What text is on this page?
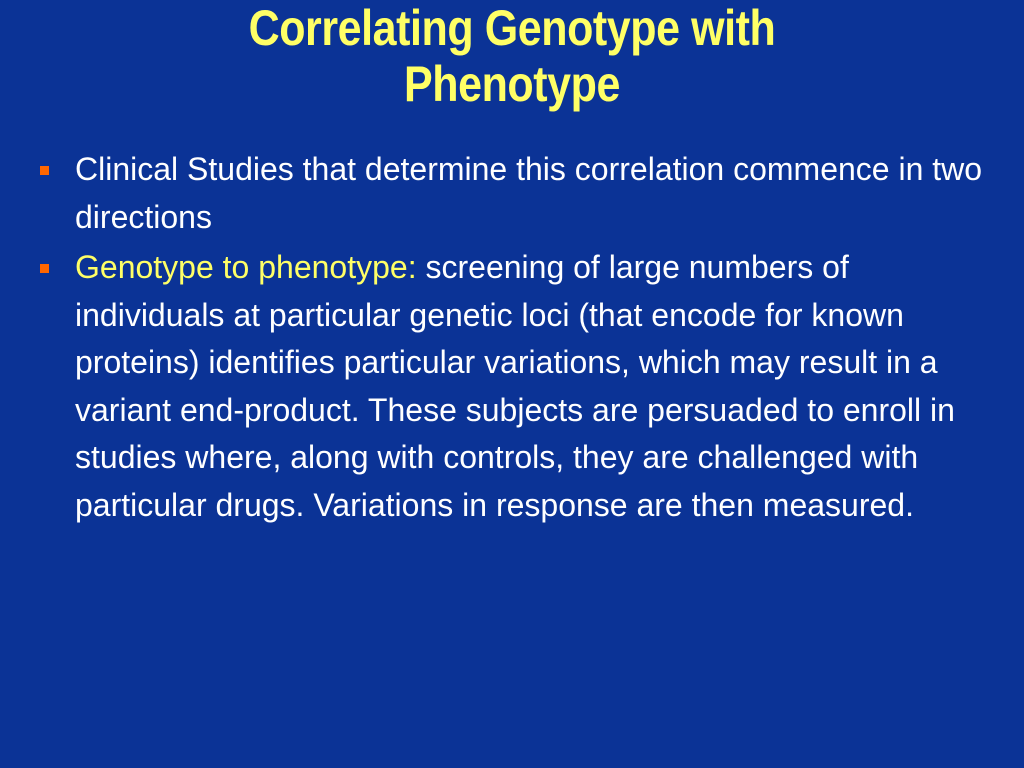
Correlating Genotype with
Phenotype
Clinical Studies that determine this correlation commence in two directions
Genotype to phenotype: screening of large numbers of individuals at particular genetic loci (that encode for known proteins) identifies particular variations, which may result in a variant end-product. These subjects are persuaded to enroll in studies where, along with controls, they are challenged with particular drugs. Variations in response are then measured.
